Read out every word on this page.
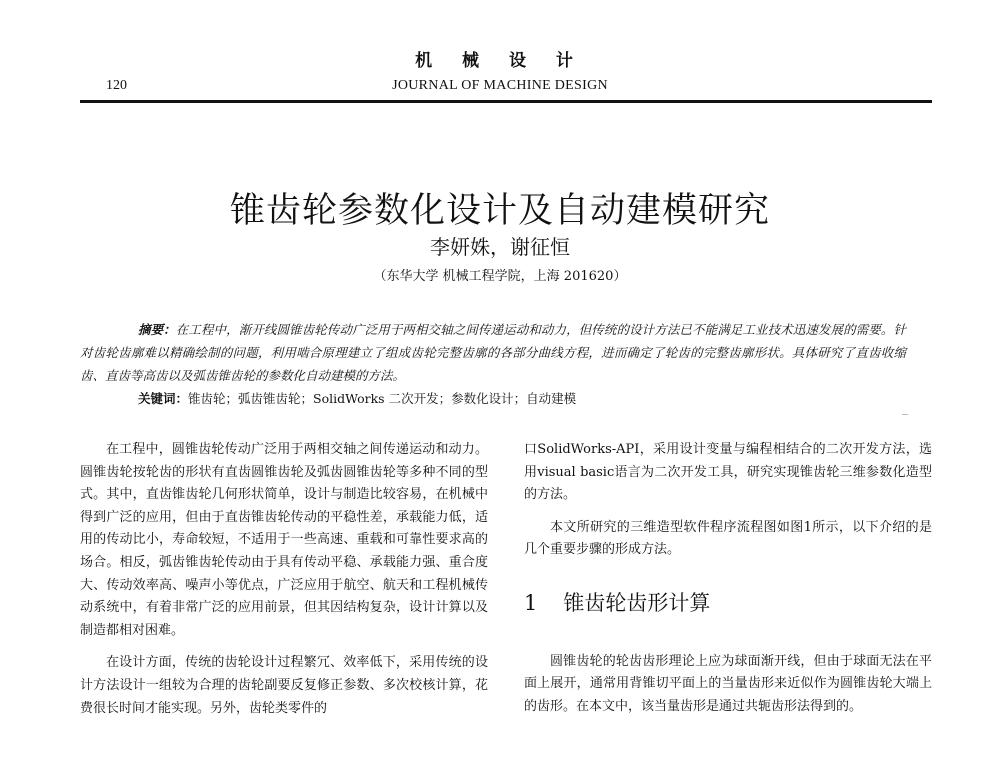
机 械 设 计
120	JOURNAL OF MACHINE DESIGN
锥齿轮参数化设计及自动建模研究
李妍姝，谢征恒
（东华大学 机械工程学院，上海 201620）

摘要：在工程中，渐开线圆锥齿轮传动广泛用于两相交轴之间传递运动和动力，但传统的设计方法已不能满足工业技术迅速发展的需要。针对齿轮齿廓难以精确绘制的问题，利用啮合原理建立了组成齿轮完整齿廓的各部分曲线方程，进而确定了轮齿的完整齿廓形状。具体研究了直齿收缩齿、直齿等高齿以及弧齿锥齿轮的参数化自动建模的方法。

关键词：锥齿轮；弧齿锥齿轮；SolidWorks 二次开发；参数化设计；自动建模

在工程中，圆锥齿轮传动广泛用于两相交轴之间传递运动和动力。圆锥齿轮按轮齿的形状有直齿圆锥齿轮及弧齿圆锥齿轮等多种不同的型式。其中，直齿锥齿轮几何形状简单，设计与制造比较容易，在机械中得到广泛的应用，但由于直齿锥齿轮传动的平稳性差，承载能力低，适用的传动比小，寿命较短，不适用于一些高速、重载和可靠性要求高的场合。相反，弧齿锥齿轮传动由于具有传动平稳、承载能力强、重合度大、传动效率高、噪声小等优点，广泛应用于航空、航天和工程机械传动系统中，有着非常广泛的应用前景，但其因结构复杂，设计计算以及制造都相对困难。

在设计方面，传统的齿轮设计过程繁冗、效率低下，采用传统的设计方法设计一组较为合理的齿轮副要反复修正参数、多次校核计算，花费很长时间才能实现。另外，齿轮类零件的

口SolidWorks-API，采用设计变量与编程相结合的二次开发方法，选用visual basic语言为二次开发工具，研究实现锥齿轮三维参数化造型的方法。

本文所研究的三维造型软件程序流程图如图1所示，以下介绍的是几个重要步骤的形成方法。

1 锥齿轮齿形计算

圆锥齿轮的轮齿齿形理论上应为球面渐开线，但由于球面无法在平面上展开，通常用背锥切平面上的当量齿形来近似作为圆锥齿轮大端上的齿形。在本文中，该当量齿形是通过共轭齿形法得到的。
